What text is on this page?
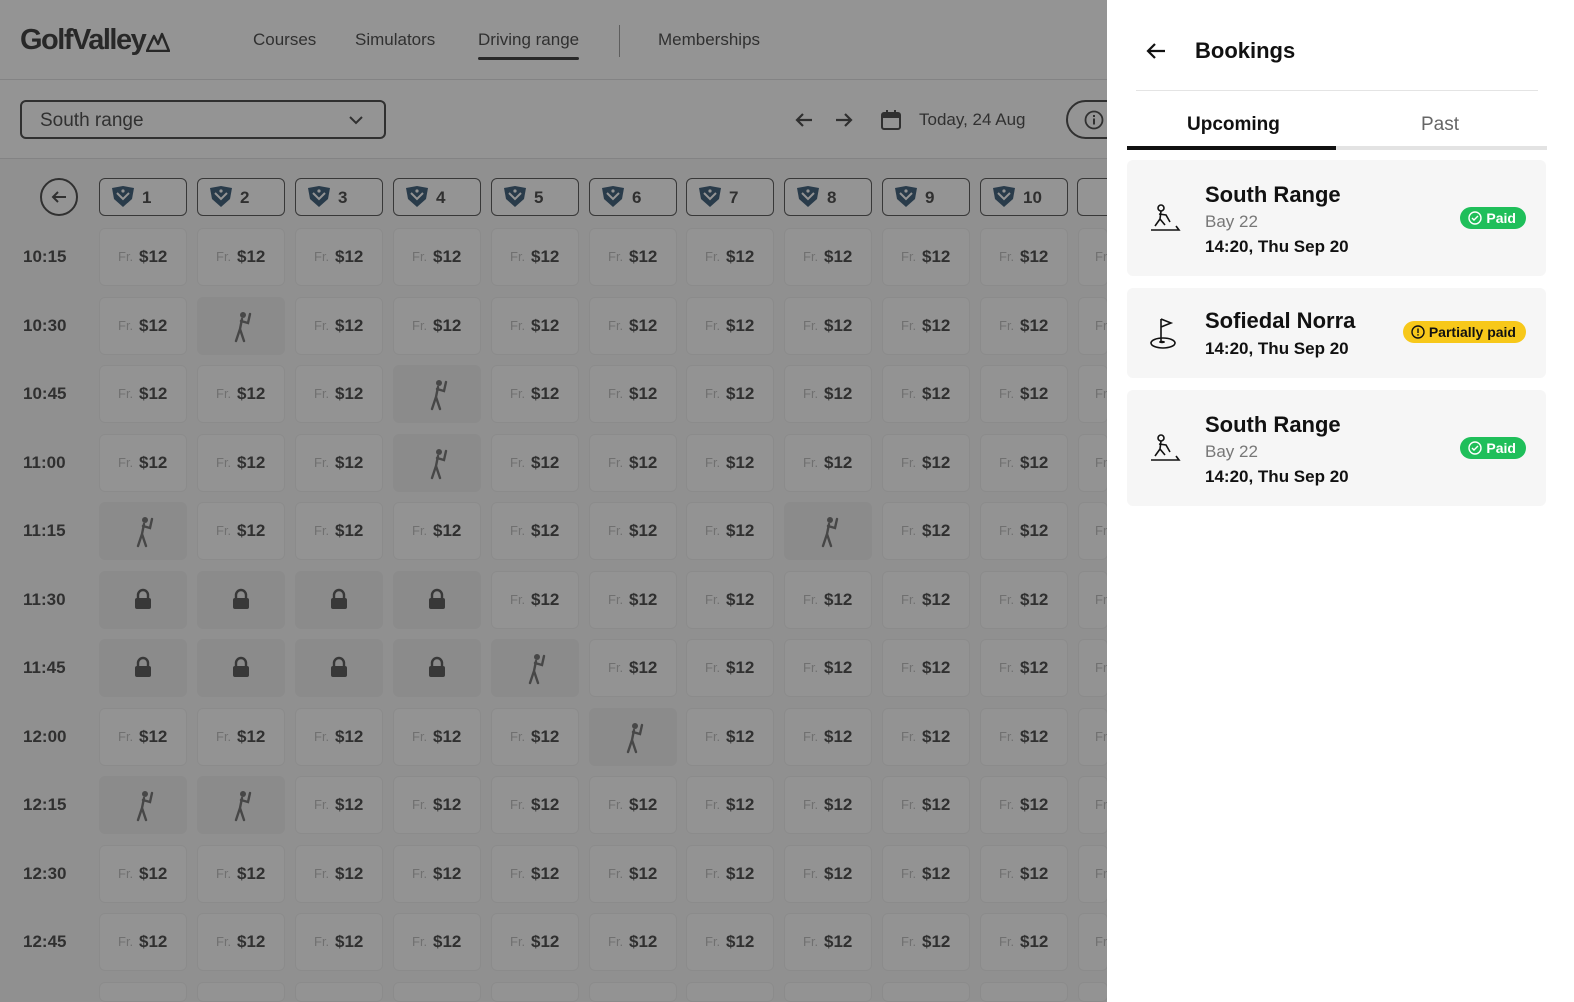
Bookings
Upcoming	Past
South Range
Bay 22
14:20, Thu Sep 20
Paid
Sofiedal Norra
14:20, Thu Sep 20
Partially paid
South Range
Bay 22
14:20, Thu Sep 20
Paid
